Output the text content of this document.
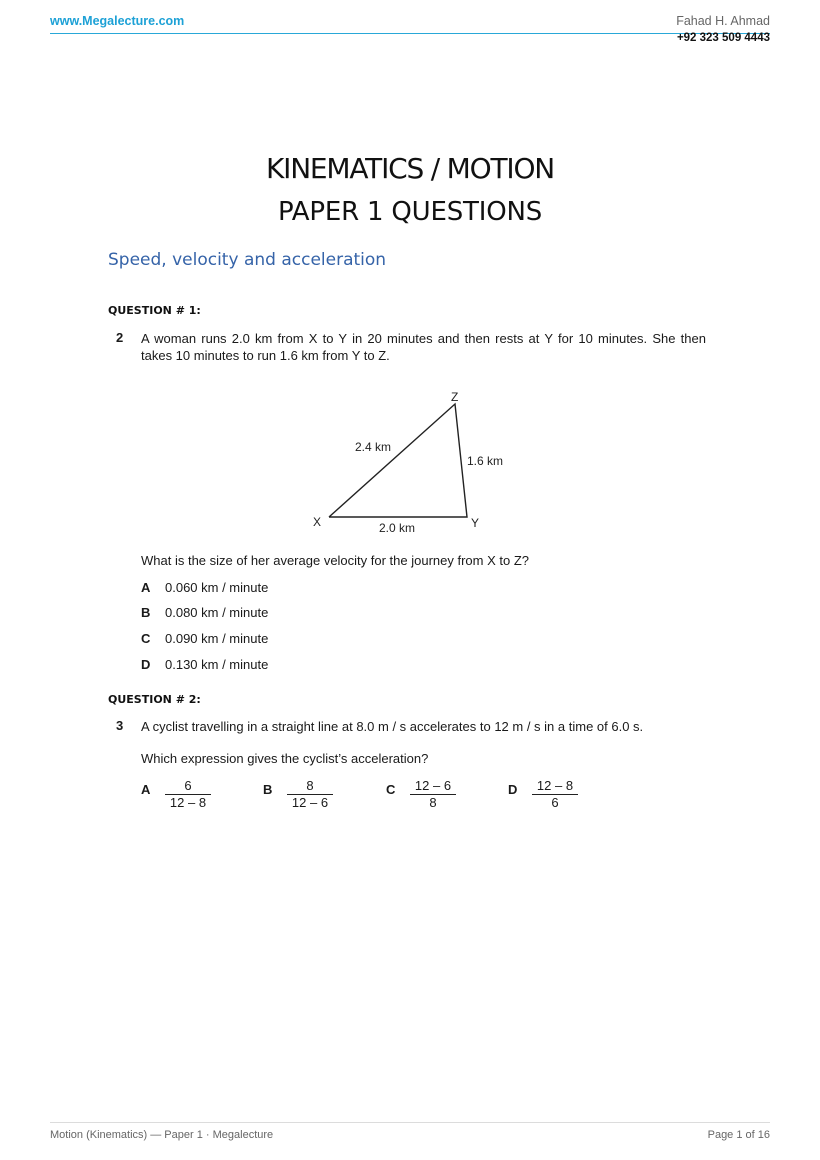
www.Megalecture.com	Fahad H. Ahmad
+92 323 509 4443
KINEMATICS / MOTION
PAPER 1 QUESTIONS
Speed, velocity and acceleration
QUESTION # 1:
2 A woman runs 2.0 km from X to Y in 20 minutes and then rests at Y for 10 minutes. She then takes 10 minutes to run 1.6 km from Y to Z.
Z
X	Y
2.4 km
1.6 km
2.0 km
What is the size of her average velocity for the journey from X to Z?
A 0.060 km / minute
B 0.080 km / minute
C 0.090 km / minute
D 0.130 km / minute
QUESTION # 2:
3 A cyclist travelling in a straight line at 8.0 m / s accelerates to 12 m / s in a time of 6.0 s.
Which expression gives the cyclist’s acceleration?
A	6
12 – 8
B	8
12 – 6
C	12 – 6
8
D	12 – 8
6
Motion (Kinematics) — Paper 1 · Megalecture	Page 1 of 16
